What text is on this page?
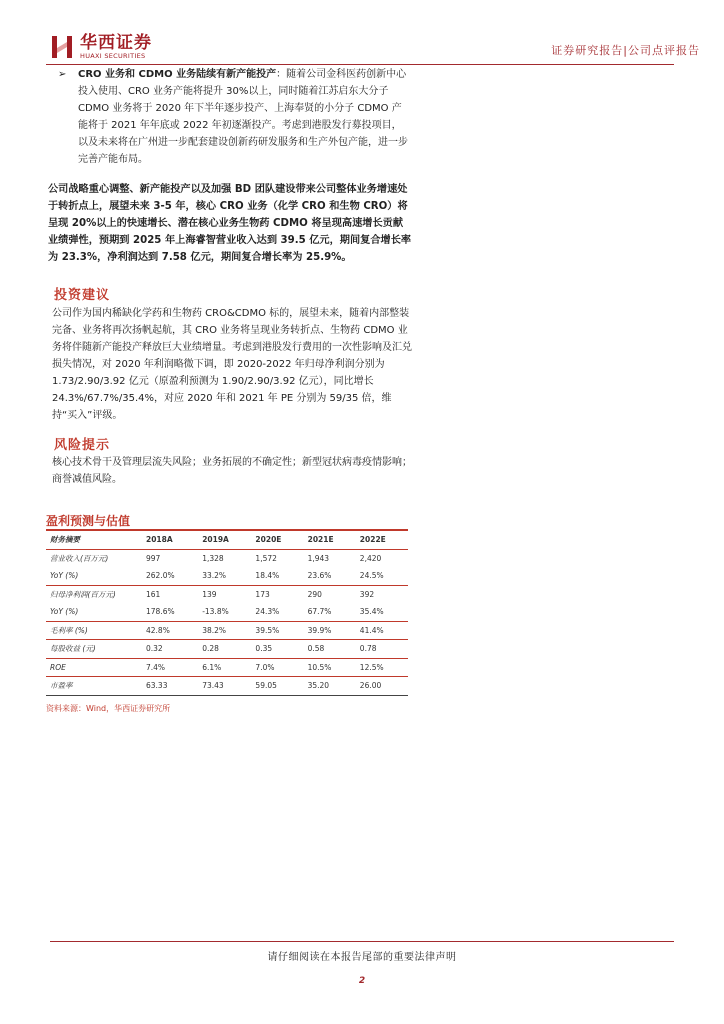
华西证券
HUAXI SECURITIES	证券研究报告|公司点评报告
➢	CRO 业务和 CDMO 业务陆续有新产能投产：随着公司金科医药创新中心投入使用、CRO 业务产能将提升 30%以上，同时随着江苏启东大分子 CDMO 业务将于 2020 年下半年逐步投产、上海奉贤的小分子 CDMO 产能将于 2021 年年底或 2022 年初逐渐投产。考虑到港股发行募投项目，以及未来将在广州进一步配套建设创新药研发服务和生产外包产能，进一步完善产能布局。
公司战略重心调整、新产能投产以及加强 BD 团队建设带来公司整体业务增速处于转折点上，展望未来 3-5 年，核心 CRO 业务（化学 CRO 和生物 CRO）将呈现 20%以上的快速增长、潜在核心业务生物药 CDMO 将呈现高速增长贡献业绩弹性，预期到 2025 年上海睿智营业收入达到 39.5 亿元，期间复合增长率为 23.3%，净利润达到 7.58 亿元，期间复合增长率为 25.9%。
投资建议
公司作为国内稀缺化学药和生物药 CRO&CDMO 标的，展望未来，随着内部整装完备、业务将再次扬帆起航，其 CRO 业务将呈现业务转折点、生物药 CDMO 业务将伴随新产能投产释放巨大业绩增量。考虑到港股发行费用的一次性影响及汇兑损失情况，对 2020 年利润略微下调，即 2020-2022 年归母净利润分别为 1.73/2.90/3.92 亿元（原盈利预测为 1.90/2.90/3.92 亿元），同比增长 24.3%/67.7%/35.4%，对应 2020 年和 2021 年 PE 分别为 59/35 倍，维持“买入”评级。
风险提示
核心技术骨干及管理层流失风险；业务拓展的不确定性；新型冠状病毒疫情影响；商誉减值风险。
盈利预测与估值
财务摘要	2018A	2019A	2020E	2021E	2022E
营业收入(百万元)	997	1,328	1,572	1,943	2,420
YoY (%)	262.0%	33.2%	18.4%	23.6%	24.5%
归母净利润(百万元)	161	139	173	290	392
YoY (%)	178.6%	-13.8%	24.3%	67.7%	35.4%
毛利率 (%)	42.8%	38.2%	39.5%	39.9%	41.4%
每股收益 (元)	0.32	0.28	0.35	0.58	0.78
ROE	7.4%	6.1%	7.0%	10.5%	12.5%
市盈率	63.33	73.43	59.05	35.20	26.00
资料来源：Wind，华西证券研究所
请仔细阅读在本报告尾部的重要法律声明
2
